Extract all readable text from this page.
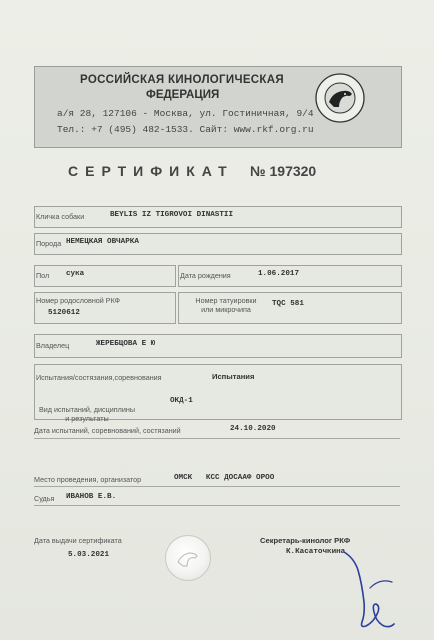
РОССИЙСКАЯ КИНОЛОГИЧЕСКАЯ
ФЕДЕРАЦИЯ
а/я 28, 127106 - Москва, ул. Гостиничная, 9/4
Тел.: +7 (495) 482-1533. Сайт: www.rkf.org.ru
СЕРТИФИКАТ № 197320
Кличка собаки	BEYLIS IZ TIGROVOI DINASTII
Порода НЕМЕЦКАЯ ОВЧАРКА
Пол сука	Дата рождения	1.06.2017
Номер родословной РКФ
5120612
Номер татуировки
или микрочипа
TQC 581
Владелец	ЖЕРЕБЦОВА Е Ю
Испытания/состязания,соревнования	Испытания
ОКД-1
Вид испытаний, дисциплины
и результаты
Дата испытаний, соревнований, состязаний	24.10.2020
Место проведения, организатор	ОМСК   КСС ДОСААФ ОРОО
Судья ИВАНОВ Е.В.
Дата выдачи сертификата
5.03.2021
Секретарь-кинолог РКФ
К.Касаточкина
